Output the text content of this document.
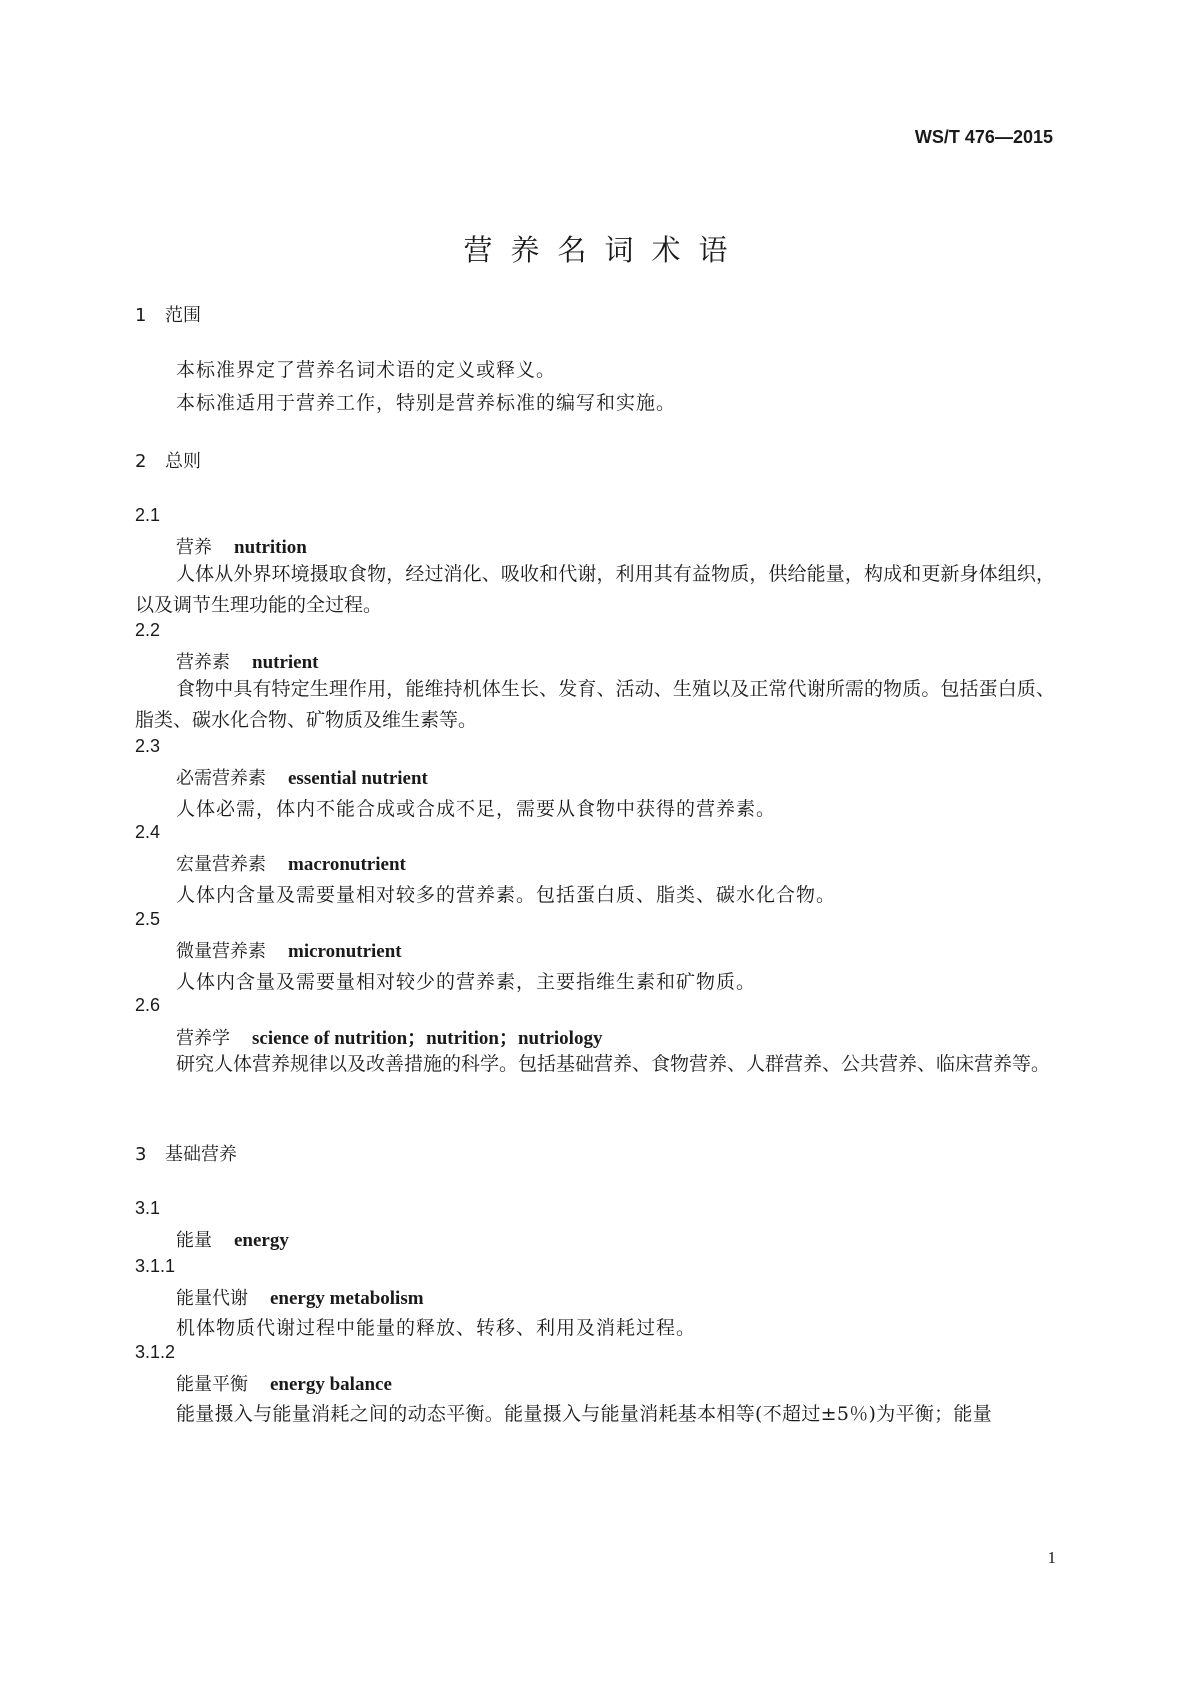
WS/T 476—2015
营养名词术语
1 范围
本标准界定了营养名词术语的定义或释义。
本标准适用于营养工作，特别是营养标准的编写和实施。
2 总则
2.1
营养 nutrition
人体从外界环境摄取食物，经过消化、吸收和代谢，利用其有益物质，供给能量，构成和更新身体组织，以及调节生理功能的全过程。
2.2
营养素 nutrient
食物中具有特定生理作用，能维持机体生长、发育、活动、生殖以及正常代谢所需的物质。包括蛋白质、脂类、碳水化合物、矿物质及维生素等。
2.3
必需营养素 essential nutrient
人体必需，体内不能合成或合成不足，需要从食物中获得的营养素。
2.4
宏量营养素 macronutrient
人体内含量及需要量相对较多的营养素。包括蛋白质、脂类、碳水化合物。
2.5
微量营养素 micronutrient
人体内含量及需要量相对较少的营养素，主要指维生素和矿物质。
2.6
营养学 science of nutrition；nutrition；nutriology
研究人体营养规律以及改善措施的科学。包括基础营养、食物营养、人群营养、公共营养、临床营养等。
3 基础营养
3.1
能量 energy
3.1.1
能量代谢 energy metabolism
机体物质代谢过程中能量的释放、转移、利用及消耗过程。
3.1.2
能量平衡 energy balance
能量摄入与能量消耗之间的动态平衡。能量摄入与能量消耗基本相等(不超过±5％)为平衡；能量
1
